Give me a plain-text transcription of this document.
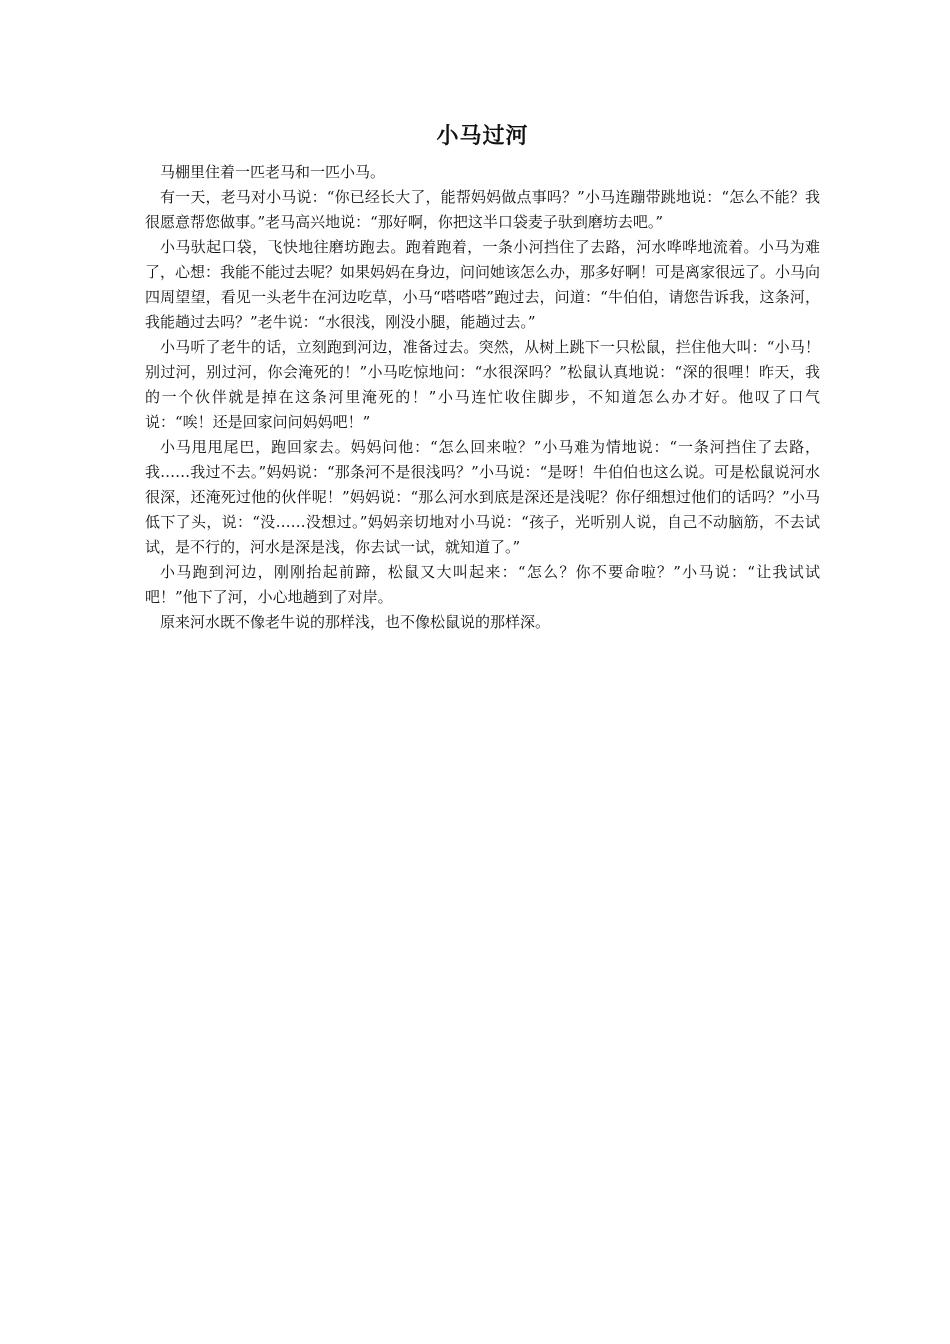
小马过河

马棚里住着一匹老马和一匹小马。

有一天，老马对小马说：“你已经长大了，能帮妈妈做点事吗？”小马连蹦带跳地说：“怎么不能？我很愿意帮您做事。”老马高兴地说：“那好啊，你把这半口袋麦子驮到磨坊去吧。”

小马驮起口袋，飞快地往磨坊跑去。跑着跑着，一条小河挡住了去路，河水哗哗地流着。小马为难了，心想：我能不能过去呢？如果妈妈在身边，问问她该怎么办，那多好啊！可是离家很远了。小马向四周望望，看见一头老牛在河边吃草，小马“嗒嗒嗒”跑过去，问道：“牛伯伯，请您告诉我，这条河，我能趟过去吗？”老牛说：“水很浅，刚没小腿，能趟过去。”

小马听了老牛的话，立刻跑到河边，准备过去。突然，从树上跳下一只松鼠，拦住他大叫：“小马！别过河，别过河，你会淹死的！”小马吃惊地问：“水很深吗？”松鼠认真地说：“深的很哩！昨天，我的一个伙伴就是掉在这条河里淹死的！”小马连忙收住脚步，不知道怎么办才好。他叹了口气说：“唉！还是回家问问妈妈吧！”

小马甩甩尾巴，跑回家去。妈妈问他：“怎么回来啦？”小马难为情地说：“一条河挡住了去路，我……我过不去。”妈妈说：“那条河不是很浅吗？”小马说：“是呀！牛伯伯也这么说。可是松鼠说河水很深，还淹死过他的伙伴呢！”妈妈说：“那么河水到底是深还是浅呢？你仔细想过他们的话吗？”小马低下了头，说：“没……没想过。”妈妈亲切地对小马说：“孩子，光听别人说，自己不动脑筋，不去试试，是不行的，河水是深是浅，你去试一试，就知道了。”

小马跑到河边，刚刚抬起前蹄，松鼠又大叫起来：“怎么？你不要命啦？”小马说：“让我试试吧！”他下了河，小心地趟到了对岸。

原来河水既不像老牛说的那样浅，也不像松鼠说的那样深。
